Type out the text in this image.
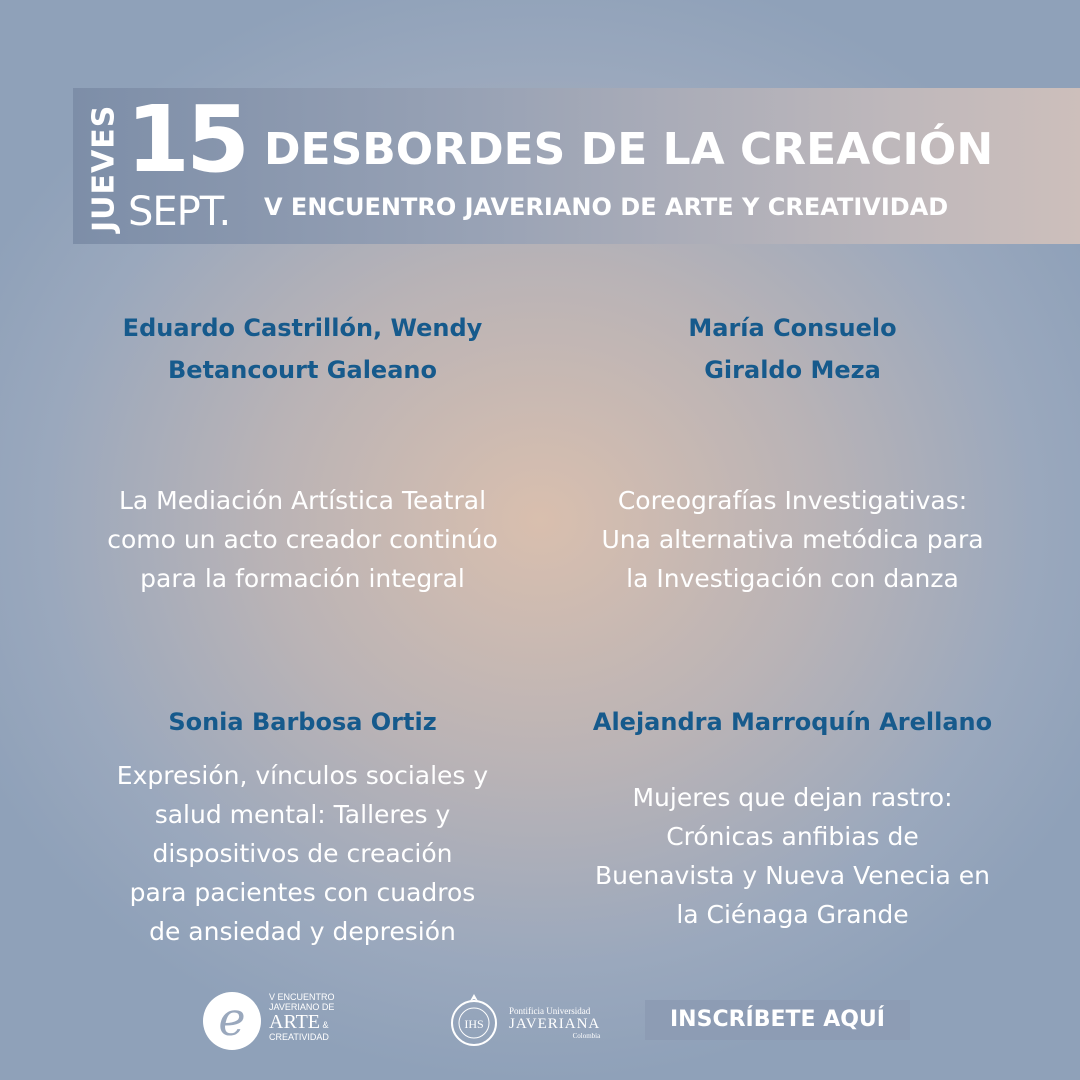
JUEVES 15
SEPT.
DESBORDES DE LA CREACIÓN
V ENCUENTRO JAVERIANO DE ARTE Y CREATIVIDAD
Eduardo Castrillón, Wendy
Betancourt Galeano
La Mediación Artística Teatral
como un acto creador continúo
para la formación integral
María Consuelo
Giraldo Meza
Coreografías Investigativas:
Una alternativa metódica para
la Investigación con danza
Sonia Barbosa Ortiz
Expresión, vínculos sociales y
salud mental: Talleres y
dispositivos de creación
para pacientes con cuadros
de ansiedad y depresión
Alejandra Marroquín Arellano
Mujeres que dejan rastro:
Crónicas anfibias de
Buenavista y Nueva Venecia en
la Ciénaga Grande
e	V ENCUENTRO
JAVERIANO DE
ARTE &
CREATIVIDAD
IHS
Pontificia Universidad
JAVERIANA
Colombia
INSCRÍBETE AQUÍ
